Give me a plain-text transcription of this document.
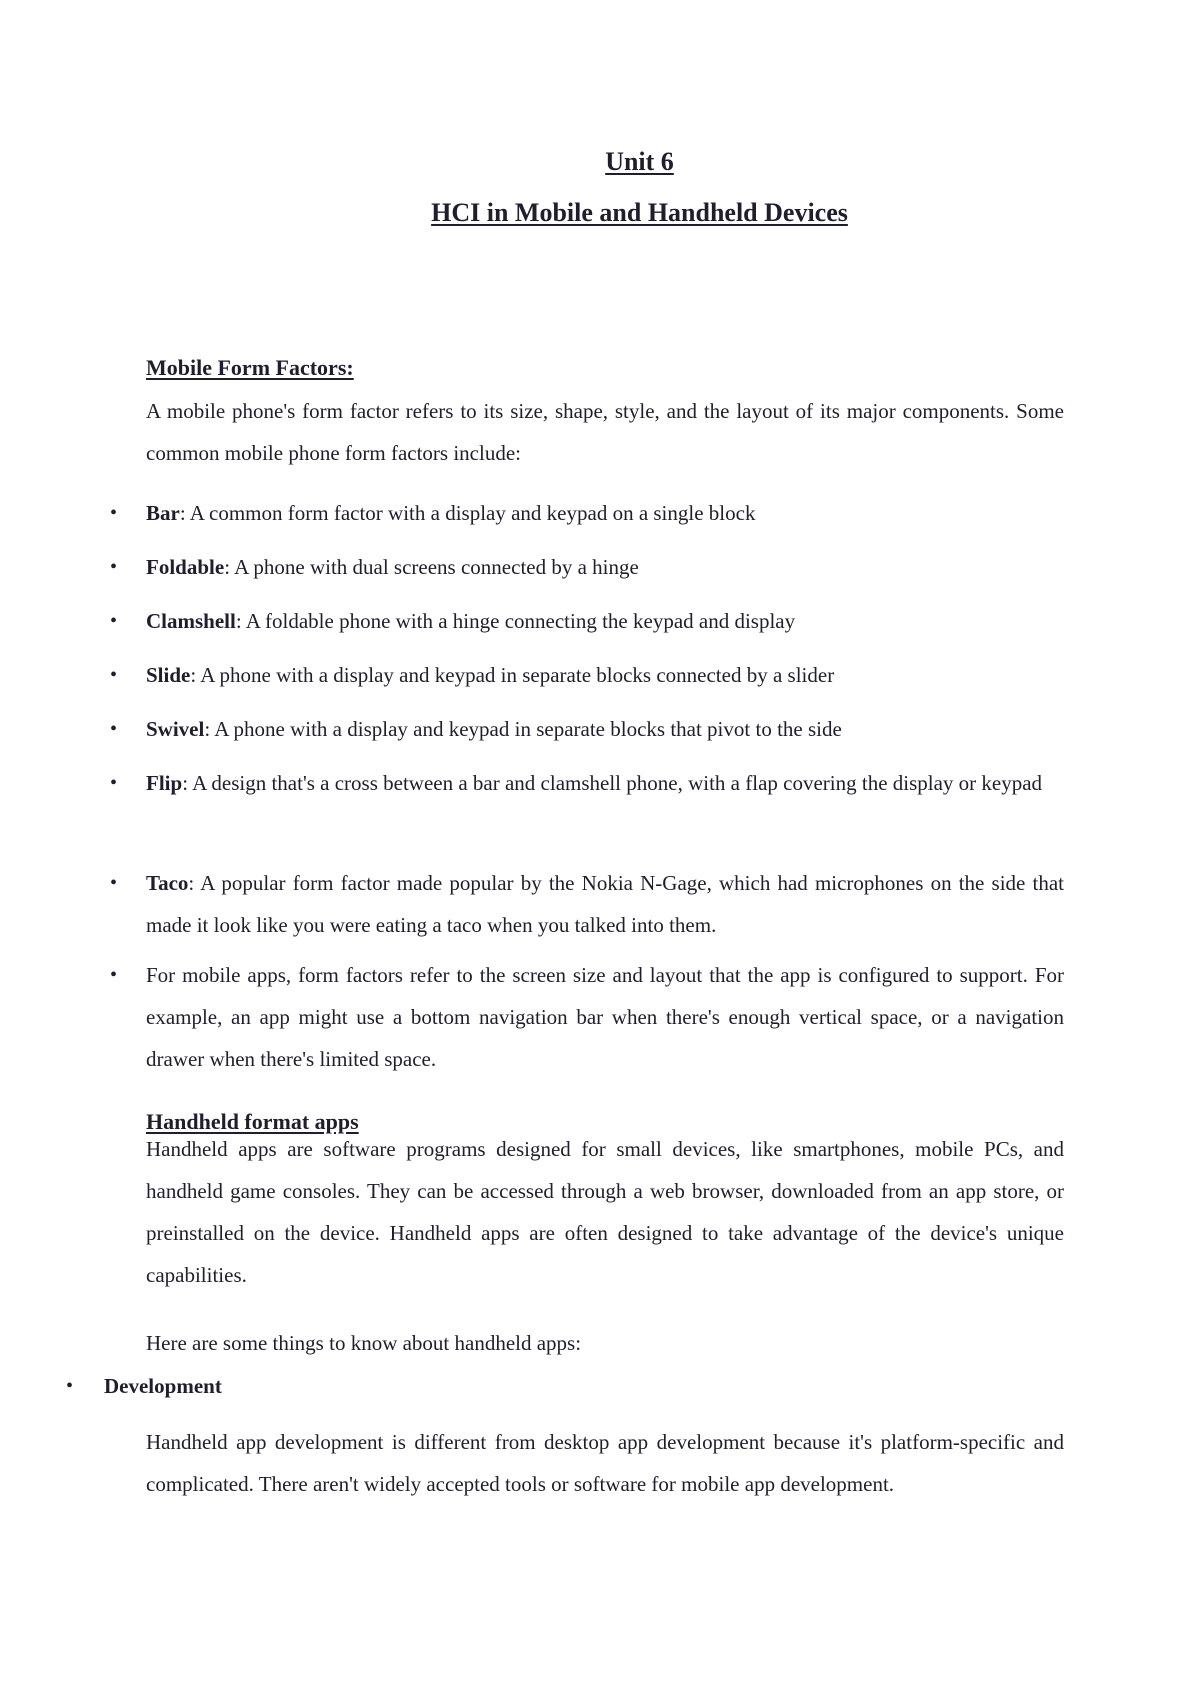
Unit 6
HCI in Mobile and Handheld Devices
Mobile Form Factors:
A mobile phone's form factor refers to its size, shape, style, and the layout of its major components. Some common mobile phone form factors include:
• Bar: A common form factor with a display and keypad on a single block
• Foldable: A phone with dual screens connected by a hinge
• Clamshell: A foldable phone with a hinge connecting the keypad and display
• Slide: A phone with a display and keypad in separate blocks connected by a slider
• Swivel: A phone with a display and keypad in separate blocks that pivot to the side
• Flip: A design that's a cross between a bar and clamshell phone, with a flap covering the display or keypad
• Taco: A popular form factor made popular by the Nokia N-Gage, which had microphones on the side that made it look like you were eating a taco when you talked into them.
• For mobile apps, form factors refer to the screen size and layout that the app is configured to support. For example, an app might use a bottom navigation bar when there's enough vertical space, or a navigation drawer when there's limited space.
Handheld format apps
Handheld apps are software programs designed for small devices, like smartphones, mobile PCs, and handheld game consoles. They can be accessed through a web browser, downloaded from an app store, or preinstalled on the device. Handheld apps are often designed to take advantage of the device's unique capabilities.
Here are some things to know about handheld apps:
• Development
Handheld app development is different from desktop app development because it's platform-specific and complicated. There aren't widely accepted tools or software for mobile app development.
